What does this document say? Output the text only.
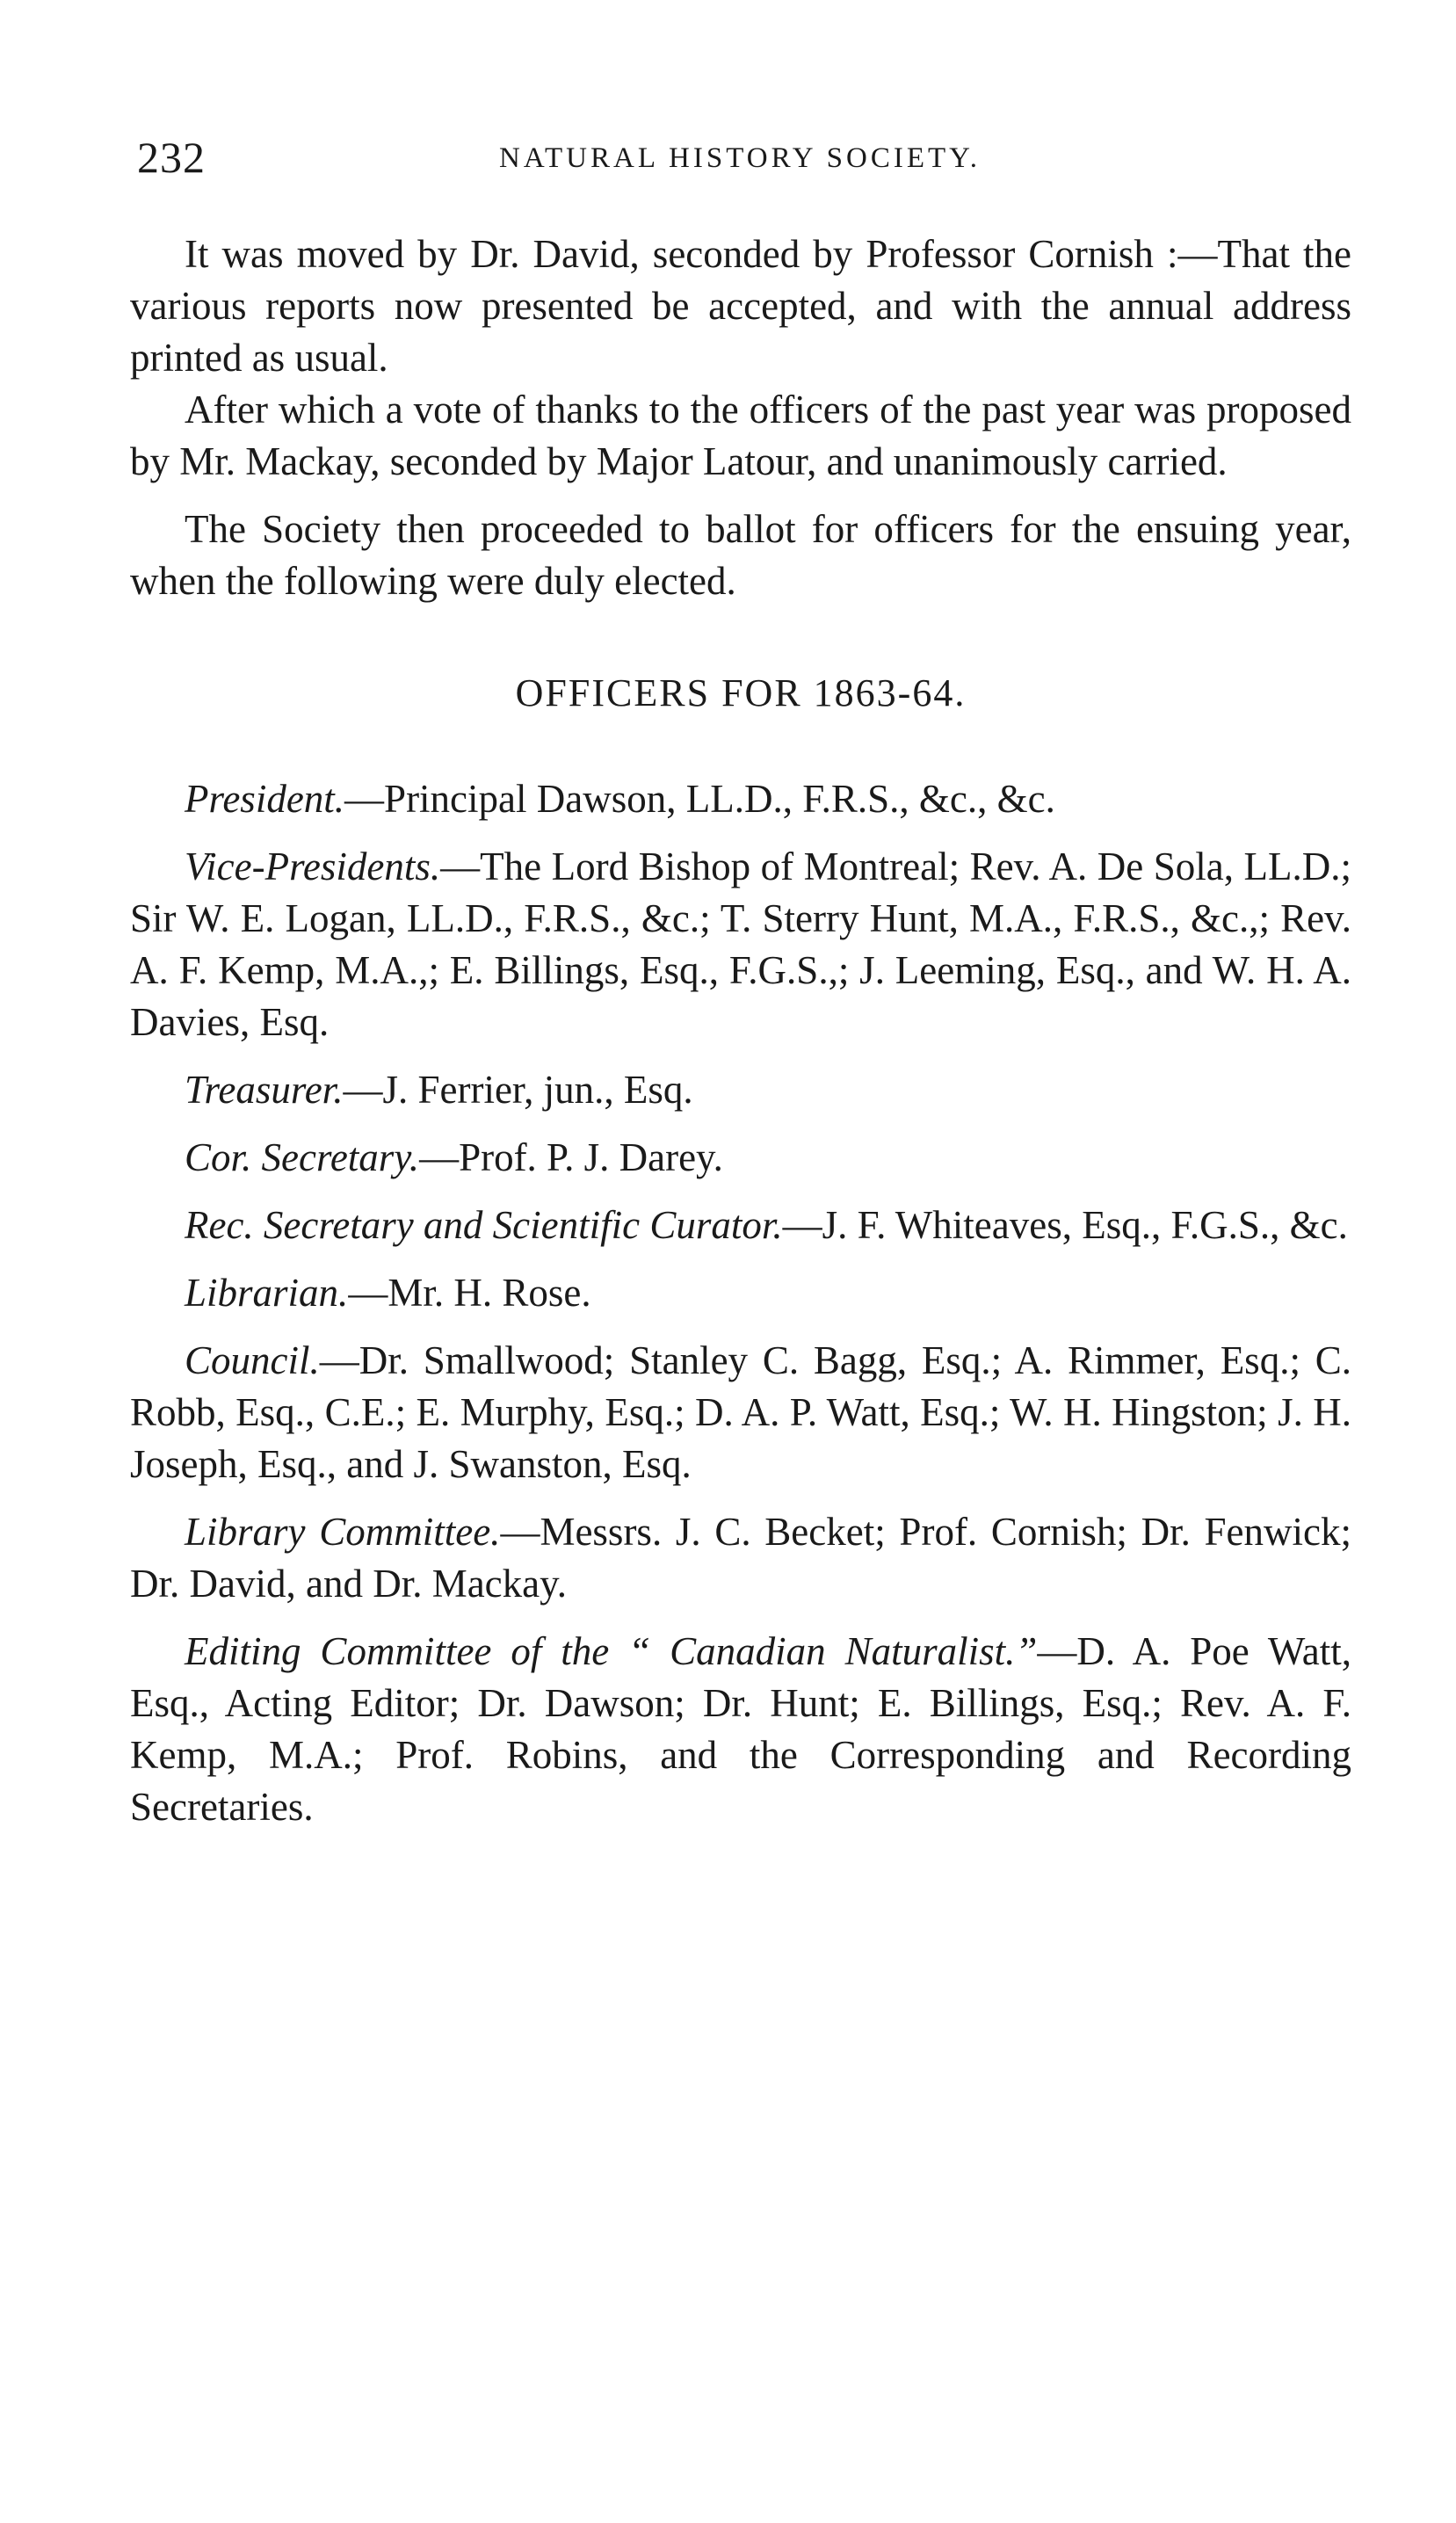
232	NATURAL HISTORY SOCIETY.

It was moved by Dr. David, seconded by Professor Cornish :—That the various reports now presented be accepted, and with the annual address printed as usual.

After which a vote of thanks to the officers of the past year was proposed by Mr. Mackay, seconded by Major Latour, and unanimously carried.

The Society then proceeded to ballot for officers for the ensuing year, when the following were duly elected.

OFFICERS FOR 1863-64.

President.—Principal Dawson, LL.D., F.R.S., &c., &c.

Vice-Presidents.—The Lord Bishop of Montreal; Rev. A. De Sola, LL.D.; Sir W. E. Logan, LL.D., F.R.S., &c.; T. Sterry Hunt, M.A., F.R.S., &c.,; Rev. A. F. Kemp, M.A.,; E. Billings, Esq., F.G.S.,; J. Leeming, Esq., and W. H. A. Davies, Esq.

Treasurer.—J. Ferrier, jun., Esq.

Cor. Secretary.—Prof. P. J. Darey.

Rec. Secretary and Scientific Curator.—J. F. Whiteaves, Esq., F.G.S., &c.

Librarian.—Mr. H. Rose.

Council.—Dr. Smallwood; Stanley C. Bagg, Esq.; A. Rimmer, Esq.; C. Robb, Esq., C.E.; E. Murphy, Esq.; D. A. P. Watt, Esq.; W. H. Hingston; J. H. Joseph, Esq., and J. Swanston, Esq.

Library Committee.—Messrs. J. C. Becket; Prof. Cornish; Dr. Fenwick; Dr. David, and Dr. Mackay.

Editing Committee of the “ Canadian Naturalist.”—D. A. Poe Watt, Esq., Acting Editor; Dr. Dawson; Dr. Hunt; E. Billings, Esq.; Rev. A. F. Kemp, M.A.; Prof. Robins, and the Corresponding and Recording Secretaries.
